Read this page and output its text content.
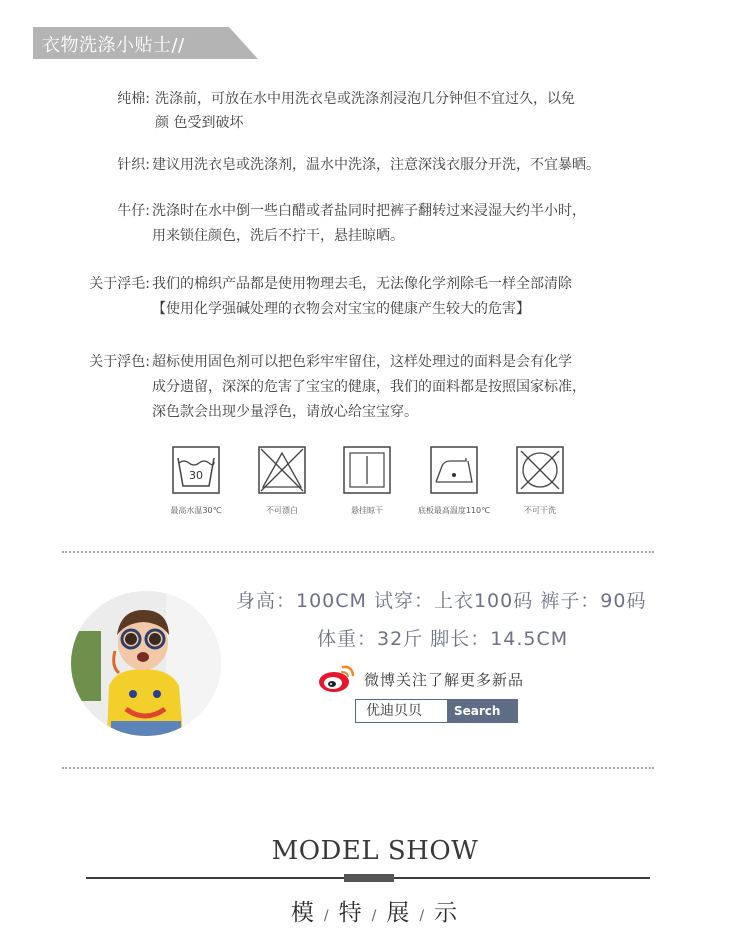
衣物洗涤小贴士//
纯棉: 洗涤前，可放在水中用洗衣皂或洗涤剂浸泡几分钟但不宜过久，以免
颜 色受到破坏
针织: 建议用洗衣皂或洗涤剂，温水中洗涤，注意深浅衣服分开洗，不宜暴晒。
牛仔: 洗涤时在水中倒一些白醋或者盐同时把裤子翻转过来浸湿大约半小时，
用来锁住颜色，洗后不拧干，悬挂晾晒。
关于浮毛: 我们的棉织产品都是使用物理去毛，无法像化学剂除毛一样全部清除
【使用化学强碱处理的衣物会对宝宝的健康产生较大的危害】
关于浮色: 超标使用固色剂可以把色彩牢牢留住，这样处理过的面料是会有化学
成分遗留，深深的危害了宝宝的健康，我们的面料都是按照国家标准，
深色款会出现少量浮色，请放心给宝宝穿。
30
最高水温30℃	不可漂白	悬挂晾干	底板最高温度110℃	不可干洗
身高：100CM 试穿：上衣100码 裤子：90码
体重：32斤 脚长：14.5CM
微博关注了解更多新品
优迪贝贝	Search
MODEL SHOW
模 / 特 / 展 / 示
